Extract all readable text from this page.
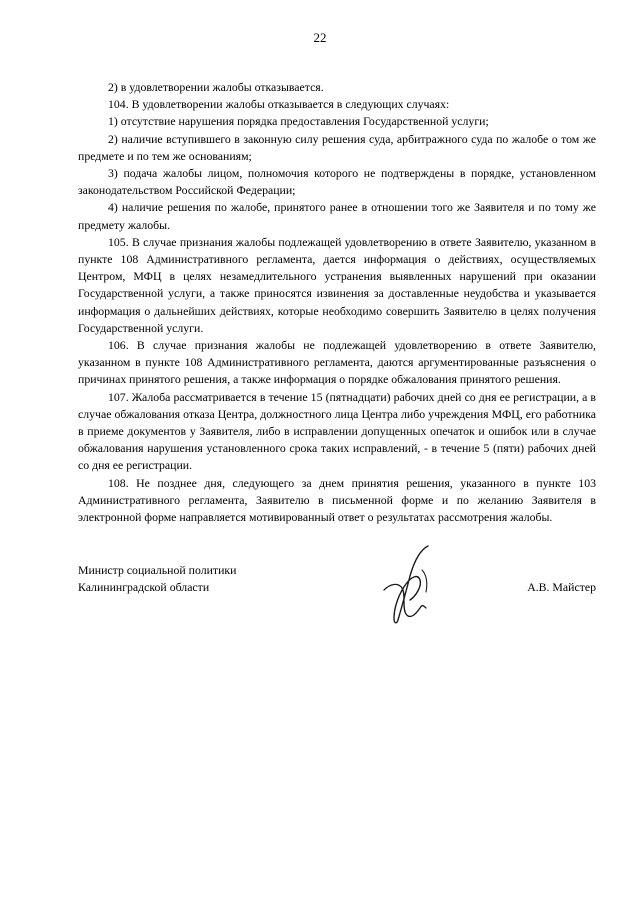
22

2) в удовлетворении жалобы отказывается.

104. В удовлетворении жалобы отказывается в следующих случаях:

1) отсутствие нарушения порядка предоставления Государственной услуги;

2) наличие вступившего в законную силу решения суда, арбитражного суда по жалобе о том же предмете и по тем же основаниям;

3) подача жалобы лицом, полномочия которого не подтверждены в порядке, установленном законодательством Российской Федерации;

4) наличие решения по жалобе, принятого ранее в отношении того же Заявителя и по тому же предмету жалобы.

105. В случае признания жалобы подлежащей удовлетворению в ответе Заявителю, указанном в пункте 108 Административного регламента, дается информация о действиях, осуществляемых Центром, МФЦ в целях незамедлительного устранения выявленных нарушений при оказании Государственной услуги, а также приносятся извинения за доставленные неудобства и указывается информация о дальнейших действиях, которые необходимо совершить Заявителю в целях получения Государственной услуги.

106. В случае признания жалобы не подлежащей удовлетворению в ответе Заявителю, указанном в пункте 108 Административного регламента, даются аргументированные разъяснения о причинах принятого решения, а также информация о порядке обжалования принятого решения.

107. Жалоба рассматривается в течение 15 (пятнадцати) рабочих дней со дня ее регистрации, а в случае обжалования отказа Центра, должностного лица Центра либо учреждения МФЦ, его работника в приеме документов у Заявителя, либо в исправлении допущенных опечаток и ошибок или в случае обжалования нарушения установленного срока таких исправлений, - в течение 5 (пяти) рабочих дней со дня ее регистрации.

108. Не позднее дня, следующего за днем принятия решения, указанного в пункте 103 Административного регламента, Заявителю в письменной форме и по желанию Заявителя в электронной форме направляется мотивированный ответ о результатах рассмотрения жалобы.

Министр социальной политики
Калининградской области	А.В. Майстер
